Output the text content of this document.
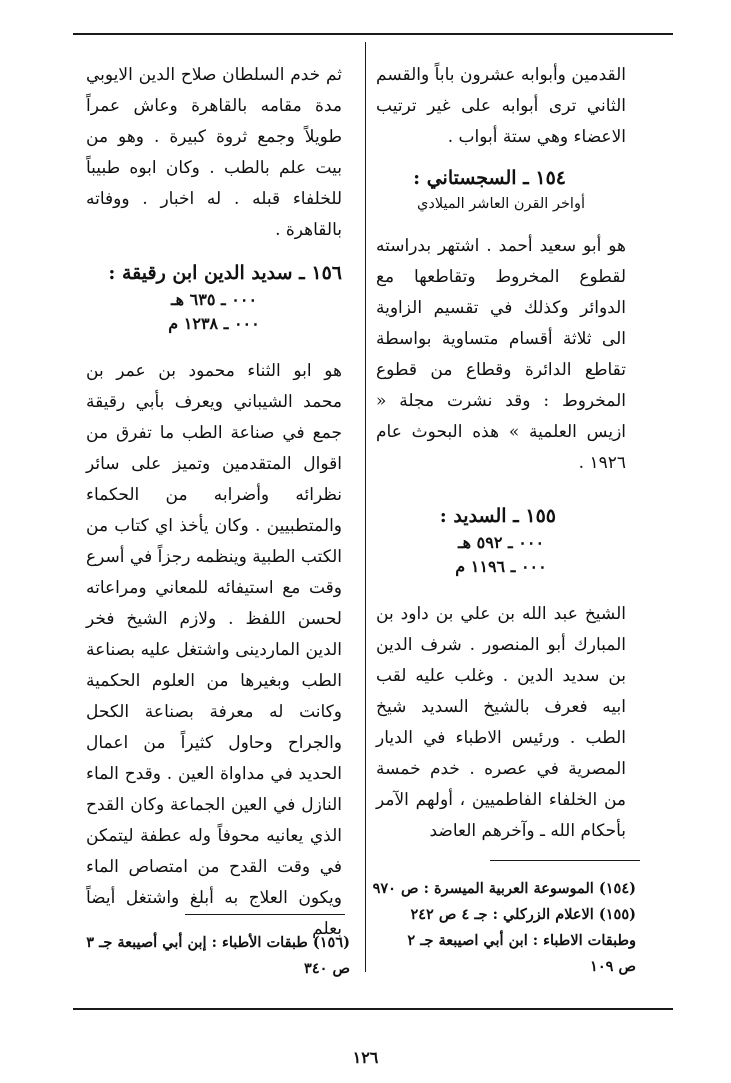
القدمين وأبوابه عشرون باباً والقسم الثاني ترى أبوابه على غير ترتيب الاعضاء وهي ستة أبواب .

١٥٤ ـ السجستاني :

أواخر القرن العاشر الميلادي

هو أبو سعيد أحمد . اشتهر بدراسته لقطوع المخروط وتقاطعها مع الدوائر وكذلك في تقسيم الزاوية الى ثلاثة أقسام متساوية بواسطة تقاطع الدائرة وقطاع من قطوع المخروط : وقد نشرت مجلة « ازيس العلمية » هذه البحوث عام ١٩٢٦ .

١٥٥ ـ السديد :

٠٠٠ ـ ٥٩٢ هـ

٠٠٠ ـ ١١٩٦ م

الشيخ عبد الله بن علي بن داود بن المبارك أبو المنصور . شرف الدين بن سديد الدين . وغلب عليه لقب ابيه فعرف بالشيخ السديد شيخ الطب . ورئيس الاطباء في الديار المصرية في عصره . خدم خمسة من الخلفاء الفاطميين ، أولهم الآمر بأحكام الله ـ وآخرهم العاضد

ثم خدم السلطان صلاح الدين الايوبي مدة مقامه بالقاهرة وعاش عمراً طويلاً وجمع ثروة كبيرة . وهو من بيت علم بالطب . وكان ابوه طبيباً للخلفاء قبله . له اخبار . ووفاته بالقاهرة .

١٥٦ ـ سديد الدين ابن رقيقة :

٠٠٠ ـ ٦٣٥ هـ

٠٠٠ ـ ١٢٣٨ م

هو ابو الثناء محمود بن عمر بن محمد الشيباني ويعرف بأبي رقيقة جمع في صناعة الطب ما تفرق من اقوال المتقدمين وتميز على سائر نظرائه وأضرابه من الحكماء والمتطبيين . وكان يأخذ اي كتاب من الكتب الطبية وينظمه رجزاً في أسرع وقت مع استيفائه للمعاني ومراعاته لحسن اللفظ . ولازم الشيخ فخر الدين الماردينى واشتغل عليه بصناعة الطب وبغيرها من العلوم الحكمية وكانت له معرفة بصناعة الكحل والجراح وحاول كثيراً من اعمال الحديد في مداواة العين . وقدح الماء النازل في العين الجماعة وكان القدح الذي يعانيه محوفاً وله عطفة ليتمكن في وقت القدح من امتصاص الماء ويكون العلاج به أبلغ واشتغل أيضاً بعلم

(١٥٤) الموسوعة العربية الميسرة : ص ٩٧٠
(١٥٥) الاعلام الزركلي : جـ ٤ ص ٢٤٢
وطبقات الاطباء : ابن أبي اصيبعة جـ ٢
ص ١٠٩
(١٥٦) طبقات الأطباء : إبن أبي أصيبعة جـ ٣
ص ٣٤٠
١٢٦
